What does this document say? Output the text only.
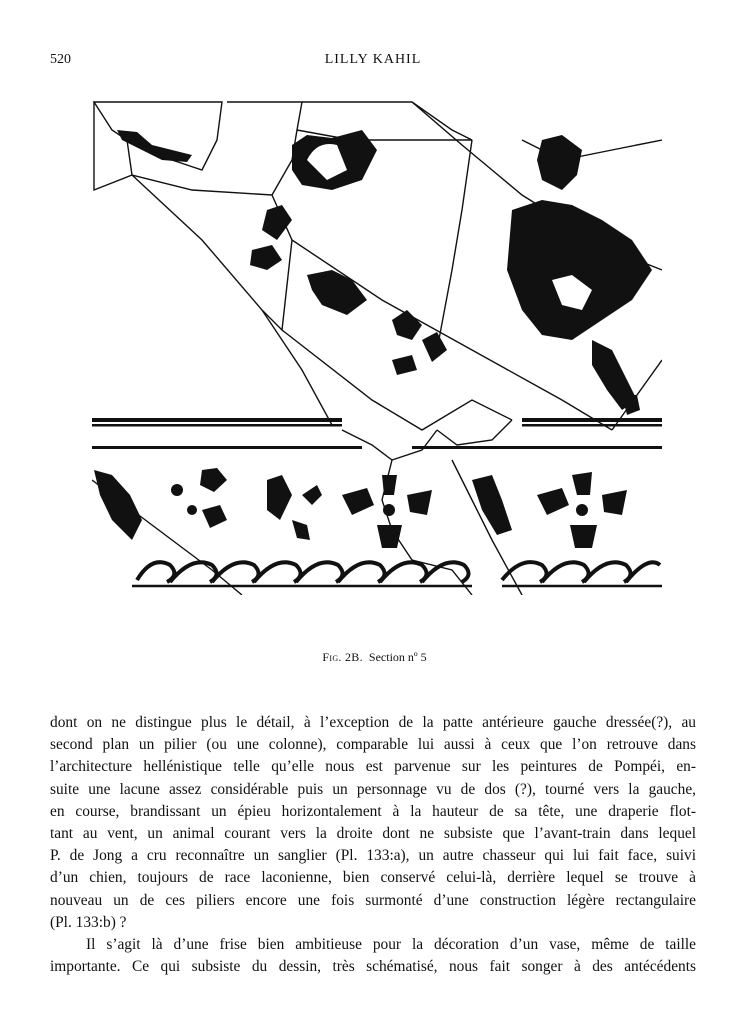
520	LILLY KAHIL
Fig. 2B. Section nº 5

dont on ne distingue plus le détail, à l’exception de la patte antérieure gauche dressée(?), au
second plan un pilier (ou une colonne), comparable lui aussi à ceux que l’on retrouve dans
l’architecture hellénistique telle qu’elle nous est parvenue sur les peintures de Pompéi, en-
suite une lacune assez considérable puis un personnage vu de dos (?), tourné vers la gauche,
en course, brandissant un épieu horizontalement à la hauteur de sa tête, une draperie flot-
tant au vent, un animal courant vers la droite dont ne subsiste que l’avant-train dans lequel
P. de Jong a cru reconnaître un sanglier (Pl. 133:a), un autre chasseur qui lui fait face, suivi
d’un chien, toujours de race laconienne, bien conservé celui-là, derrière lequel se trouve à
nouveau un de ces piliers encore une fois surmonté d’une construction légère rectangulaire
(Pl. 133:b) ?

Il s’agit là d’une frise bien ambitieuse pour la décoration d’un vase, même de taille
importante. Ce qui subsiste du dessin, très schématisé, nous fait songer à des antécédents
